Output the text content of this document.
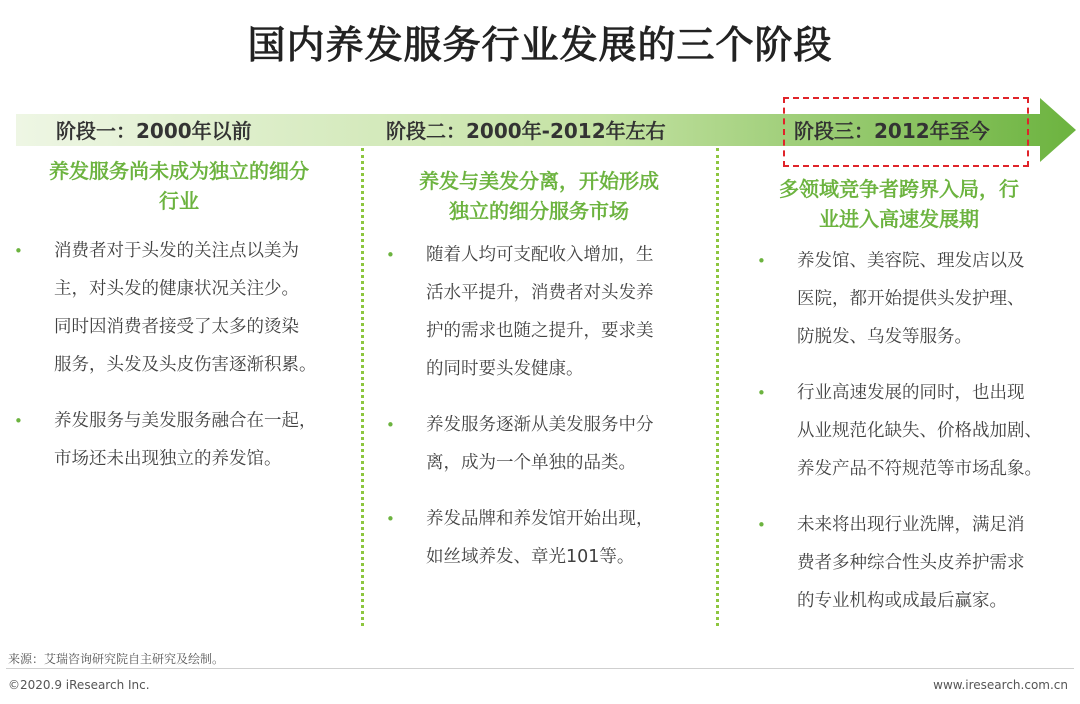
国内养发服务行业发展的三个阶段
阶段一：2000年以前	阶段二：2000年-2012年左右	阶段三：2012年至今
养发服务尚未成为独立的细分
行业
• 消费者对于头发的关注点以美为
主，对头发的健康状况关注少。
同时因消费者接受了太多的烫染
服务，头发及头皮伤害逐渐积累。
• 养发服务与美发服务融合在一起，
市场还未出现独立的养发馆。
养发与美发分离，开始形成
独立的细分服务市场
• 随着人均可支配收入增加，生
活水平提升，消费者对头发养
护的需求也随之提升，要求美
的同时要头发健康。
• 养发服务逐渐从美发服务中分
离，成为一个单独的品类。
• 养发品牌和养发馆开始出现，
如丝域养发、章光101等。
多领域竞争者跨界入局，行
业进入高速发展期
• 养发馆、美容院、理发店以及
医院，都开始提供头发护理、
防脱发、乌发等服务。
• 行业高速发展的同时，也出现
从业规范化缺失、价格战加剧、
养发产品不符规范等市场乱象。
• 未来将出现行业洗牌，满足消
费者多种综合性头皮养护需求
的专业机构或成最后赢家。
来源：艾瑞咨询研究院自主研究及绘制。
©2020.9 iResearch Inc.	www.iresearch.com.cn
